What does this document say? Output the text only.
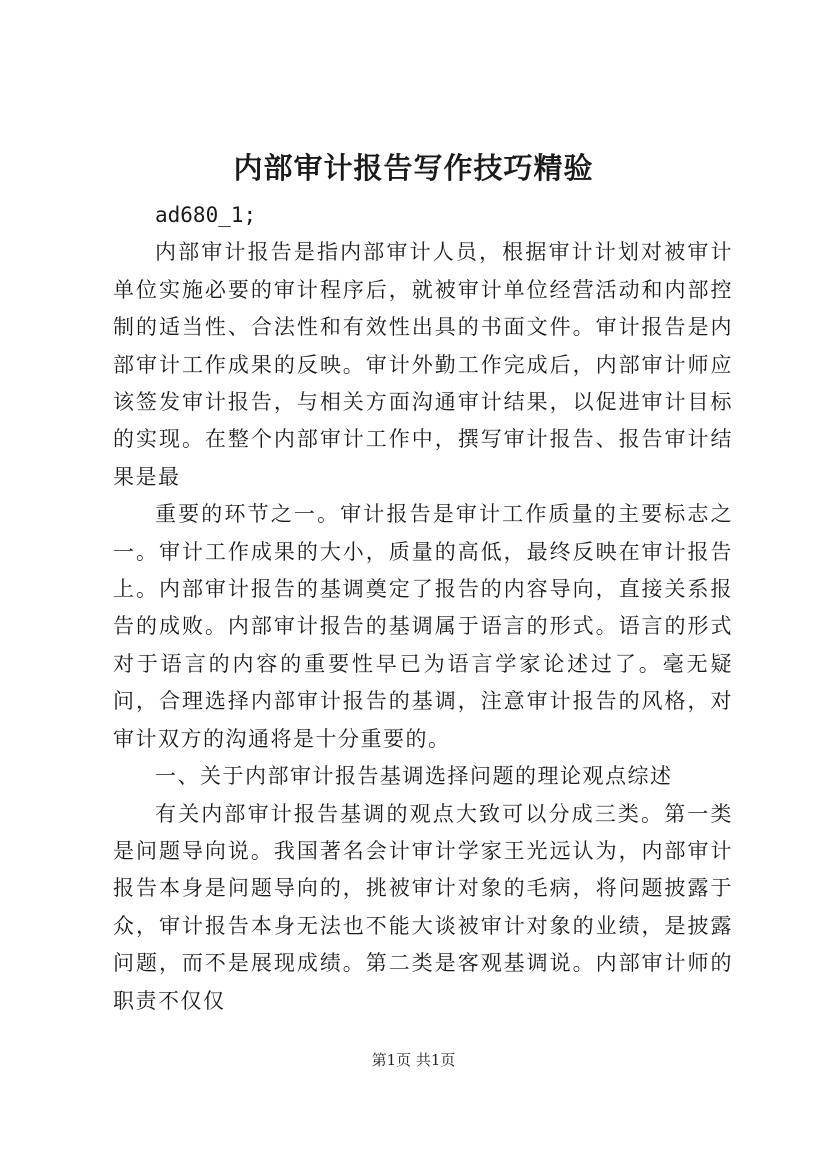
内部审计报告写作技巧精验

ad680_1;

内部审计报告是指内部审计人员，根据审计计划对被审计单位实施必要的审计程序后，就被审计单位经营活动和内部控制的适当性、合法性和有效性出具的书面文件。审计报告是内部审计工作成果的反映。审计外勤工作完成后，内部审计师应该签发审计报告，与相关方面沟通审计结果，以促进审计目标的实现。在整个内部审计工作中，撰写审计报告、报告审计结果是最

重要的环节之一。审计报告是审计工作质量的主要标志之一。审计工作成果的大小，质量的高低，最终反映在审计报告上。内部审计报告的基调奠定了报告的内容导向，直接关系报告的成败。内部审计报告的基调属于语言的形式。语言的形式对于语言的内容的重要性早已为语言学家论述过了。毫无疑问，合理选择内部审计报告的基调，注意审计报告的风格，对审计双方的沟通将是十分重要的。

一、关于内部审计报告基调选择问题的理论观点综述

有关内部审计报告基调的观点大致可以分成三类。第一类是问题导向说。我国著名会计审计学家王光远认为，内部审计报告本身是问题导向的，挑被审计对象的毛病，将问题披露于众，审计报告本身无法也不能大谈被审计对象的业绩，是披露问题，而不是展现成绩。第二类是客观基调说。内部审计师的职责不仅仅

第1页 共1页
